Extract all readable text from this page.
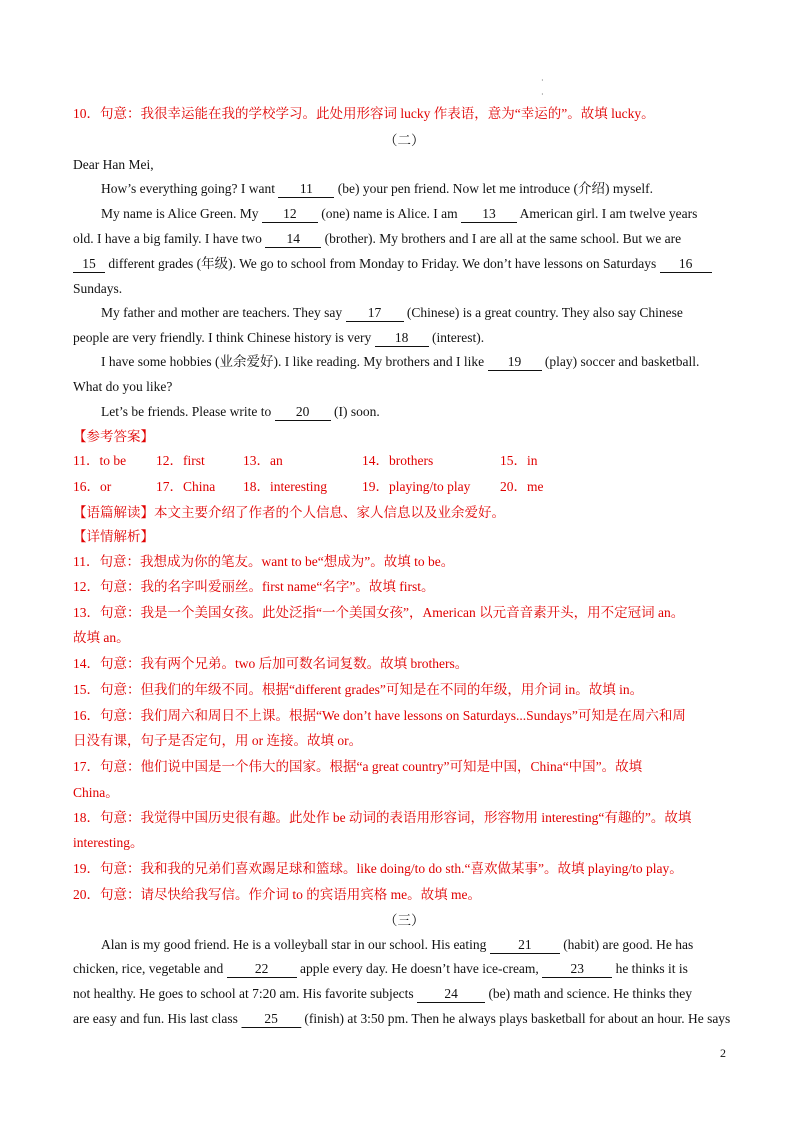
·
·
10．句意：我很幸运能在我的学校学习。此处用形容词 lucky 作表语，意为“幸运的”。故填 lucky。
（二）
Dear Han Mei,
How’s everything going? I want 11 (be) your pen friend. Now let me introduce (介绍) myself.
My name is Alice Green. My 12 (one) name is Alice. I am 13 American girl. I am twelve years
old. I have a big family. I have two 14 (brother). My brothers and I are all at the same school. But we are
15 different grades (年级). We go to school from Monday to Friday. We don’t have lessons on Saturdays 16
Sundays.
My father and mother are teachers. They say 17 (Chinese) is a great country. They also say Chinese
people are very friendly. I think Chinese history is very 18 (interest).
I have some hobbies (业余爱好). I like reading. My brothers and I like 19 (play) soccer and basketball.
What do you like?
Let’s be friends. Please write to 20 (I) soon.
【参考答案】
11．to be 12．first	13．an	14．brothers	15．in
16．or	17．China 18．interesting	19．playing/to play 20．me
【语篇解读】本文主要介绍了作者的个人信息、家人信息以及业余爱好。
【详情解析】
11．句意：我想成为你的笔友。want to be“想成为”。故填 to be。
12．句意：我的名字叫爱丽丝。first name“名字”。故填 first。
13．句意：我是一个美国女孩。此处泛指“一个美国女孩”，American 以元音音素开头，用不定冠词 an。
故填 an。
14．句意：我有两个兄弟。two 后加可数名词复数。故填 brothers。
15．句意：但我们的年级不同。根据“different grades”可知是在不同的年级，用介词 in。故填 in。
16．句意：我们周六和周日不上课。根据“We don’t have lessons on Saturdays...Sundays”可知是在周六和周
日没有课，句子是否定句，用 or 连接。故填 or。
17．句意：他们说中国是一个伟大的国家。根据“a great country”可知是中国，China“中国”。故填
China。
18．句意：我觉得中国历史很有趣。此处作 be 动词的表语用形容词，形容物用 interesting“有趣的”。故填
interesting。
19．句意：我和我的兄弟们喜欢踢足球和篮球。like doing/to do sth.“喜欢做某事”。故填 playing/to play。
20．句意：请尽快给我写信。作介词 to 的宾语用宾格 me。故填 me。
（三）
Alan is my good friend. He is a volleyball star in our school. His eating 21 (habit) are good. He has
chicken, rice, vegetable and 22 apple every day. He doesn’t have ice-cream, 23 he thinks it is
not healthy. He goes to school at 7:20 am. His favorite subjects 24 (be) math and science. He thinks they
are easy and fun. His last class 25 (finish) at 3:50 pm. Then he always plays basketball for about an hour. He says
2
